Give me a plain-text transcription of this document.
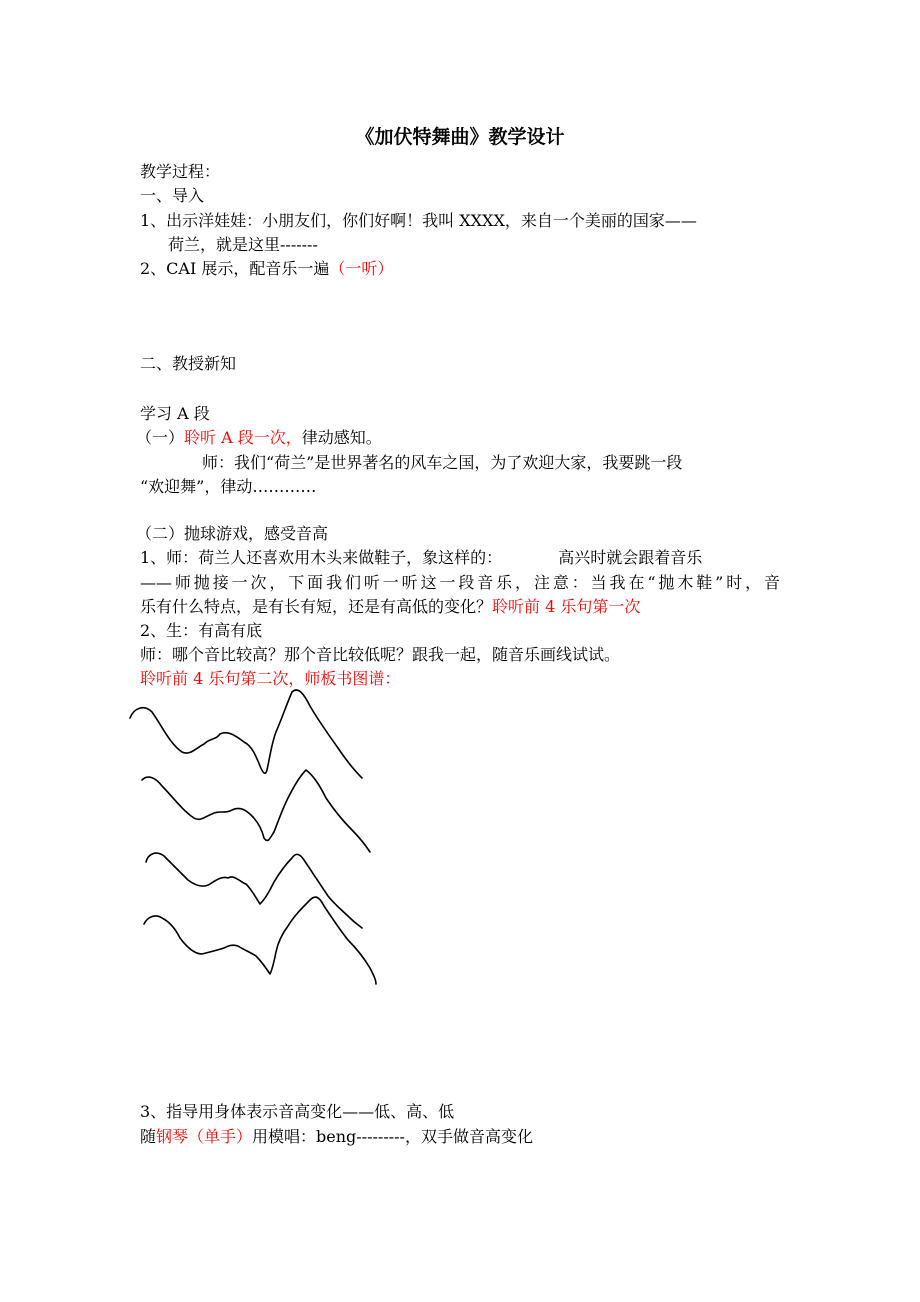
《加伏特舞曲》教学设计
教学过程：
一、导入
1、出示洋娃娃：小朋友们，你们好啊！我叫 XXXX，来自一个美丽的国家——
荷兰，就是这里-------
2、CAI 展示，配音乐一遍（一听）
二、教授新知
学习 A 段
（一）聆听 A 段一次，律动感知。
师：我们“荷兰”是世界著名的风车之国，为了欢迎大家，我要跳一段
“欢迎舞”，律动…………
（二）抛球游戏，感受音高
1、师：荷兰人还喜欢用木头来做鞋子，象这样的：	高兴时就会跟着音乐
——师抛接一次，下面我们听一听这一段音乐，注意：当我在“抛木鞋”时，音
乐有什么特点，是有长有短，还是有高低的变化？聆听前 4 乐句第一次
2、生：有高有底
师：哪个音比较高？那个音比较低呢？跟我一起，随音乐画线试试。
聆听前 4 乐句第二次，师板书图谱：
3、指导用身体表示音高变化——低、高、低
随钢琴（单手）用模唱：beng---------，双手做音高变化
